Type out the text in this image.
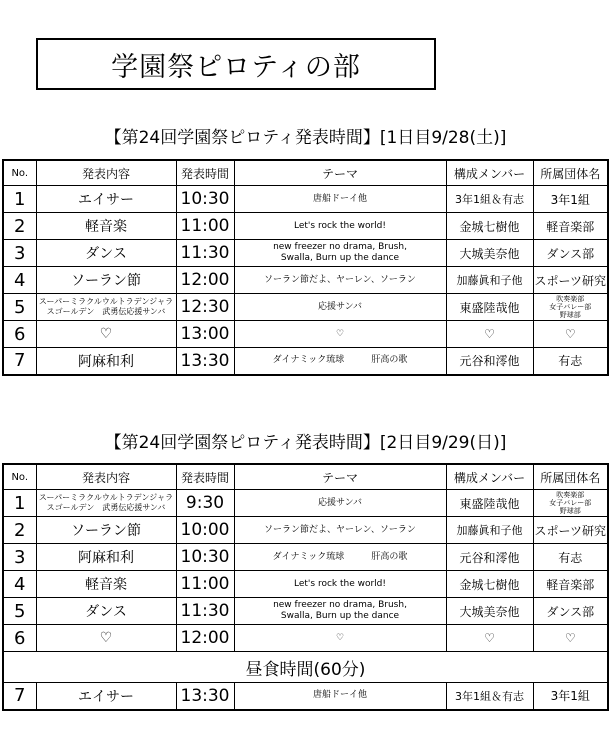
学園祭ピロティの部
【第24回学園祭ピロティ発表時間】[1日目9/28(土)]
No.	発表内容	発表時間	テーマ	構成メンバー	所属団体名
1	エイサー	10:30	唐船ドーイ他	3年1組＆有志	3年1組
2	軽音楽	11:00	Let's rock the world!	金城七樹他	軽音楽部
3	ダンス	11:30	new freezer no drama, Brush,
Swalla, Burn up the dance	大城美奈他	ダンス部
4	ソーラン節	12:00	ソーラン節だよ、ヤーレン、ソーラン	加藤眞和子他	スポーツ研究
5	スーパーミラクルウルトラデンジャラ
スゴールデン　武勇伝応援サンバ	12:30	応援サンバ	東盛陸哉他	吹奏楽部
女子バレー部
野球部
6	♡	13:00	♡	♡	♡
7	阿麻和利	13:30	ダイナミック琉球　　　肝高の歌	元谷和澪他	有志
【第24回学園祭ピロティ発表時間】[2日目9/29(日)]
No.	発表内容	発表時間	テーマ	構成メンバー	所属団体名
1	スーパーミラクルウルトラデンジャラ
スゴールデン　武勇伝応援サンバ	9:30	応援サンバ	東盛陸哉他	吹奏楽部
女子バレー部
野球部
2	ソーラン節	10:00	ソーラン節だよ、ヤーレン、ソーラン	加藤眞和子他	スポーツ研究
3	阿麻和利	10:30	ダイナミック琉球　　　肝高の歌	元谷和澪他	有志
4	軽音楽	11:00	Let's rock the world!	金城七樹他	軽音楽部
5	ダンス	11:30	new freezer no drama, Brush,
Swalla, Burn up the dance	大城美奈他	ダンス部
6	♡	12:00	♡	♡	♡
昼食時間(60分)					
7	エイサー	13:30	唐船ドーイ他	3年1組＆有志	3年1組
